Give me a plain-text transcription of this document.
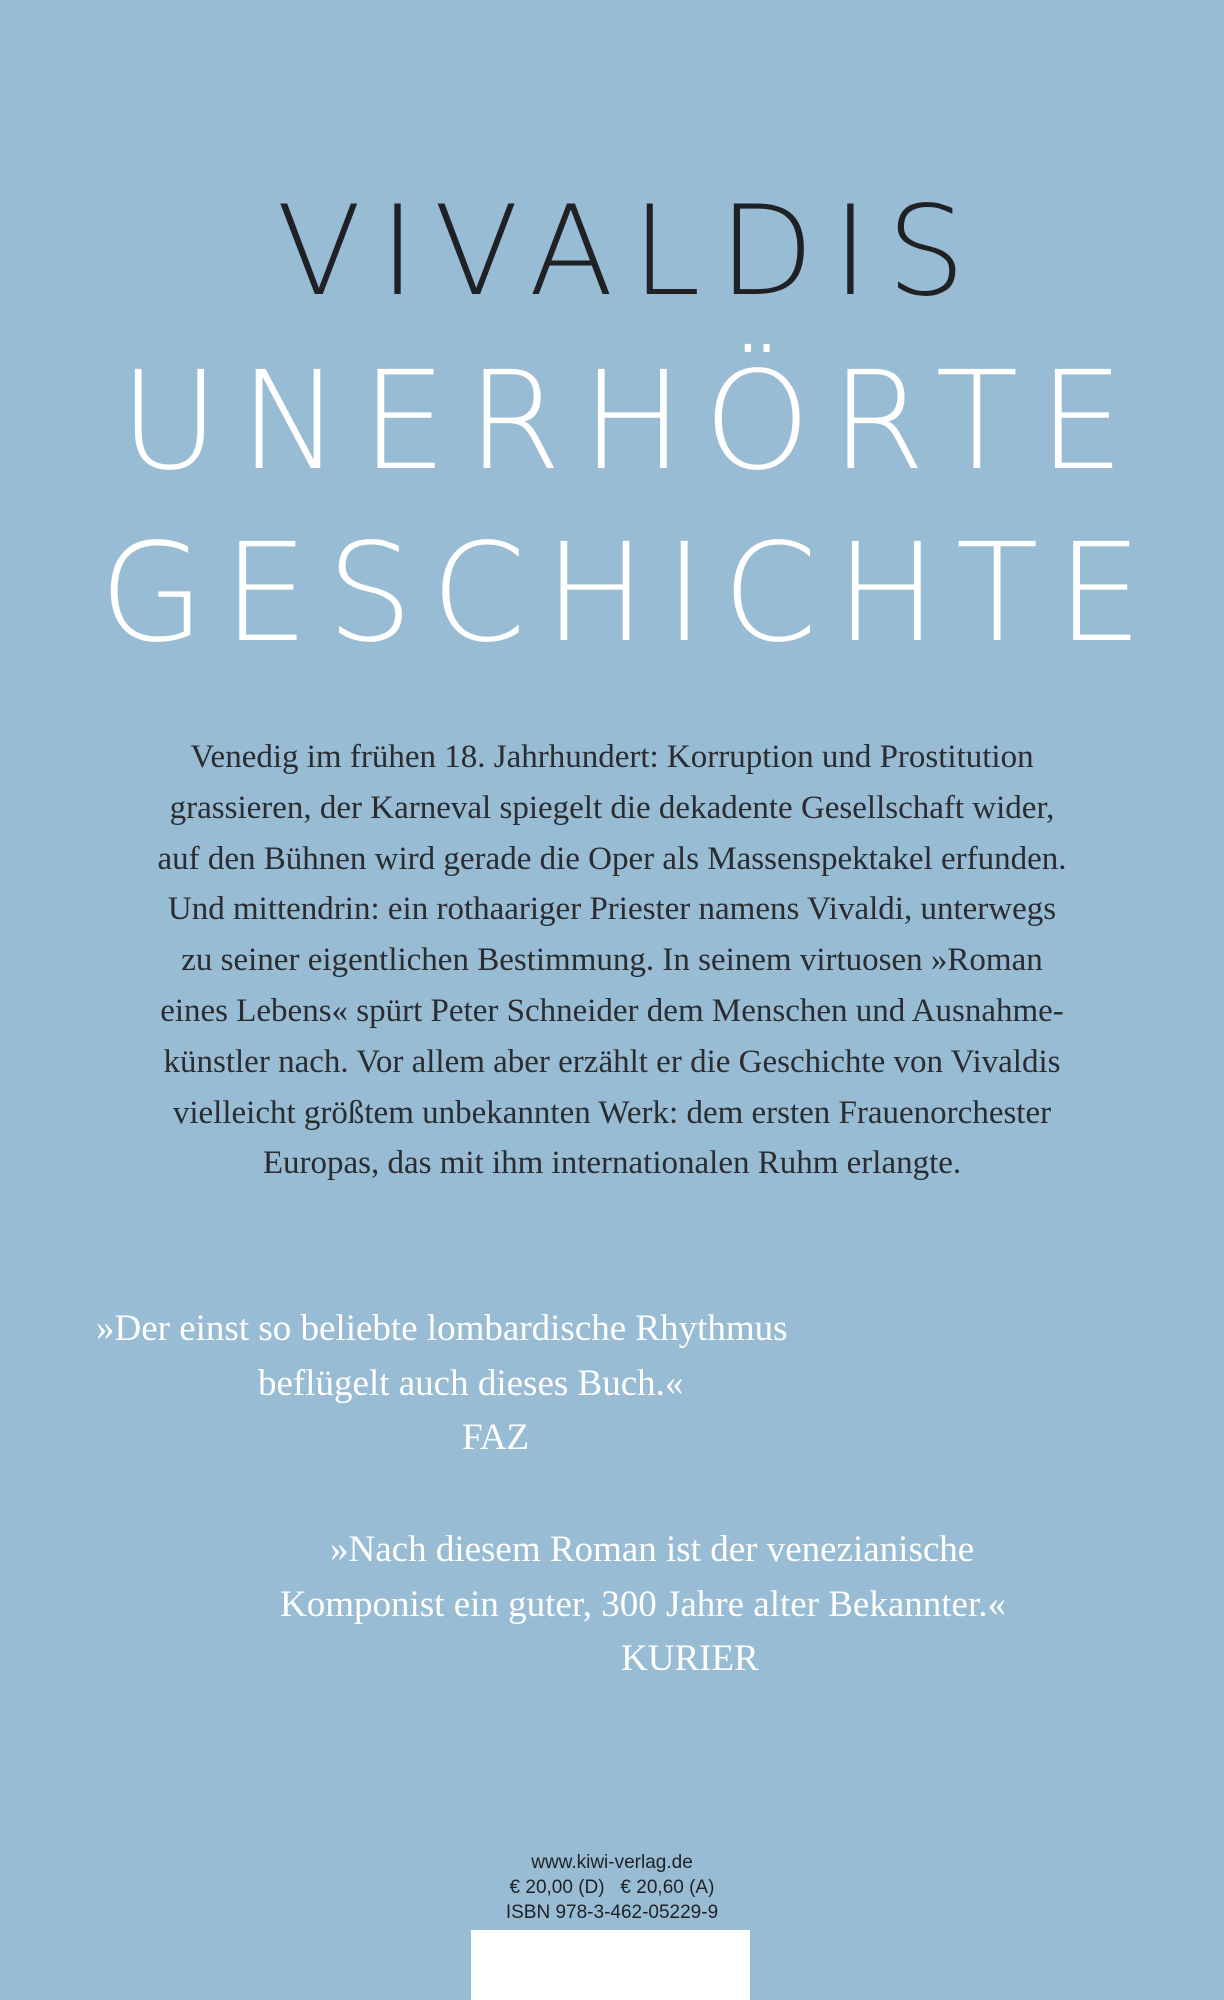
VIVALDIS
UNERHÖRTE
GESCHICHTE

Venedig im frühen 18. Jahrhundert: Korruption und Prostitution

grassieren, der Karneval spiegelt die dekadente Gesellschaft wider,

auf den Bühnen wird gerade die Oper als Massenspektakel erfunden.

Und mittendrin: ein rothaariger Priester namens Vivaldi, unterwegs

zu seiner eigentlichen Bestimmung. In seinem virtuosen »Roman

eines Lebens« spürt Peter Schneider dem Menschen und Ausnahme-

künstler nach. Vor allem aber erzählt er die Geschichte von Vivaldis

vielleicht größtem unbekannten Werk: dem ersten Frauenorchester

Europas, das mit ihm internationalen Ruhm erlangte.

»Der einst so beliebte lombardische Rhythmus
beflügelt auch dieses Buch.«
FAZ
»Nach diesem Roman ist der venezianische
Komponist ein guter, 300 Jahre alter Bekannter.«
KURIER
www.kiwi-verlag.de
€ 20,00 (D)   € 20,60 (A)
ISBN 978-3-462-05229-9
